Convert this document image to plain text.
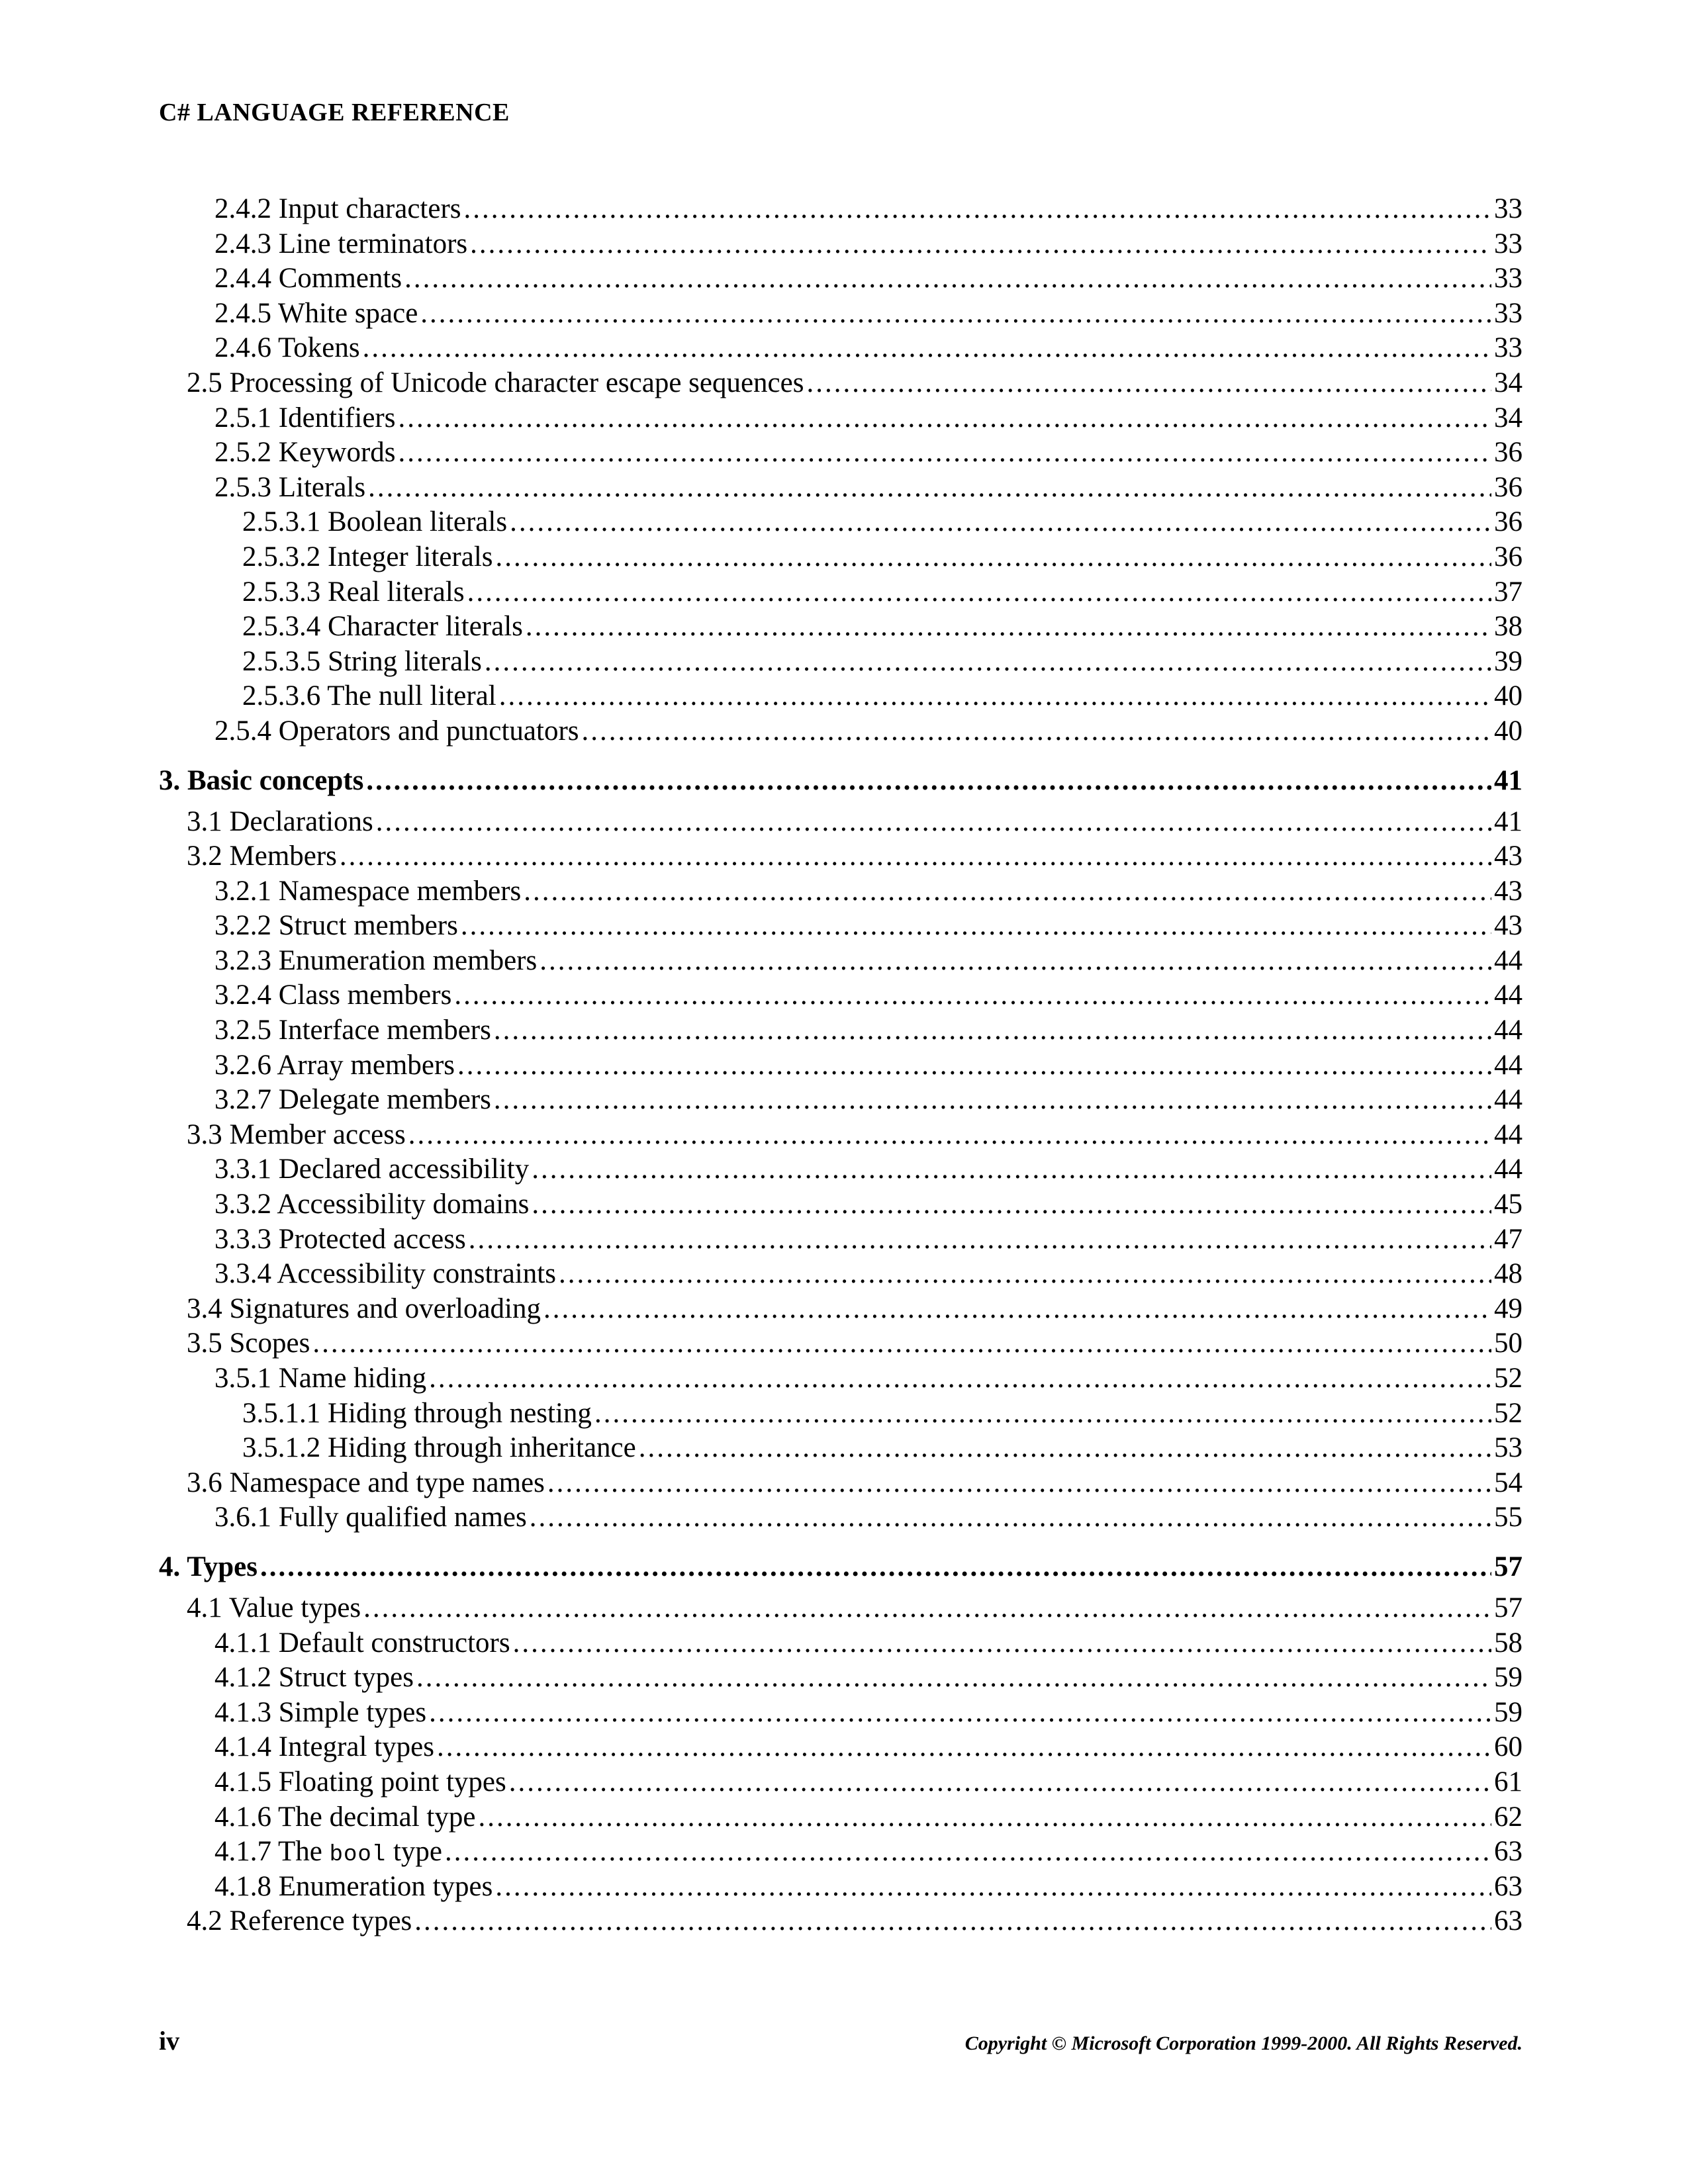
C# LANGUAGE REFERENCE
2.4.2 Input characters .....	33
2.4.3 Line terminators .....	33
2.4.4 Comments .....	33
2.4.5 White space .....	33
2.4.6 Tokens .....	33
2.5 Processing of Unicode character escape sequences .....	34
2.5.1 Identifiers .....	34
2.5.2 Keywords .....	36
2.5.3 Literals .....	36
2.5.3.1 Boolean literals .....	36
2.5.3.2 Integer literals .....	36
2.5.3.3 Real literals .....	37
2.5.3.4 Character literals .....	38
2.5.3.5 String literals .....	39
2.5.3.6 The null literal .....	40
2.5.4 Operators and punctuators .....	40
3. Basic concepts .....	41
3.1 Declarations .....	41
3.2 Members .....	43
3.2.1 Namespace members .....	43
3.2.2 Struct members .....	43
3.2.3 Enumeration members .....	44
3.2.4 Class members .....	44
3.2.5 Interface members .....	44
3.2.6 Array members .....	44
3.2.7 Delegate members .....	44
3.3 Member access .....	44
3.3.1 Declared accessibility .....	44
3.3.2 Accessibility domains .....	45
3.3.3 Protected access .....	47
3.3.4 Accessibility constraints .....	48
3.4 Signatures and overloading .....	49
3.5 Scopes .....	50
3.5.1 Name hiding .....	52
3.5.1.1 Hiding through nesting .....	52
3.5.1.2 Hiding through inheritance .....	53
3.6 Namespace and type names .....	54
3.6.1 Fully qualified names .....	55
4. Types .....	57
4.1 Value types .....	57
4.1.1 Default constructors .....	58
4.1.2 Struct types .....	59
4.1.3 Simple types .....	59
4.1.4 Integral types .....	60
4.1.5 Floating point types .....	61
4.1.6 The decimal type .....	62
4.1.7 The bool type .....	63
4.1.8 Enumeration types .....	63
4.2 Reference types .....	63
iv	Copyright © Microsoft Corporation 1999-2000. All Rights Reserved.
